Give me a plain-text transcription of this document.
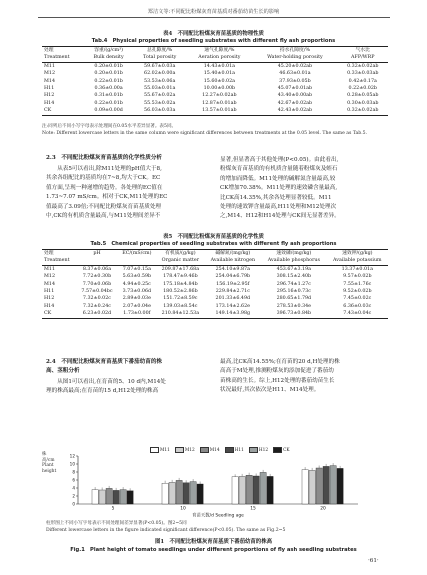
郑洁文等:不同配比粉煤灰育苗基质对番茄幼苗生长的影响
表4　不同配比粉煤灰育苗基质的物理性质
Tab.4　Physical properties of seedling substrates with different fly ash proportions
处理	容重/(g/cm³)	总孔隙度/%	通气孔隙度/%	持水孔隙度/%	气水比
Treatment	Bulk density	Total porosity	Aeration porosity	Water-holding porosity	AFP/WRP
M11	0.20±0.01b	59.67±0.03a	14.43±0.01a	45.20±0.02ab	0.32±0.02ab
M12	0.20±0.01b	62.02±0.00a	15.40±0.01a	46.63±0.01a	0.33±0.03ab
M14	0.22±0.01b	53.53±0.06a	15.60±0.02a	37.93±0.05b	0.42±0.17a
H11	0.36±0.00a	55.03±0.01a	10.00±0.00b	45.07±0.01ab	0.22±0.02b
H12	0.31±0.01b	55.67±0.02a	12.27±0.02ab	43.40±0.00ab	0.28±0.05ab
H14	0.22±0.01b	55.53±0.02a	12.87±0.01ab	42.67±0.02ab	0.30±0.03ab
CK	0.09±0.00d	56.03±0.03a	13.57±0.01ab	42.43±0.02ab	0.32±0.02ab
注:同列后不同小写字母表示处理间在0.05水平差异显著。表5同。
Note: Different lowercase letters in the same column were significant differences between treatments at the 0.05 level. The same as Tab.5.
2.3　不同配比粉煤灰育苗基质的化学性质分析
　　从表5可以看出,除M11处理的pH值大于8,
其余各组配比的基质均在7~8,均大于CK。EC
值方面,呈现一种递增的趋势。各处理的EC值在
1.73~7.07 mS/cm。相对于CK,M11处理的EC
值最高了3.09倍;不同配比粉煤灰育苗基质处理
中,CK的有机质含量最高,与M11处理间差异不
显著,但显著高于其他处理(P<0.05)。由此看出,
粉煤灰育苗基质的有机质含量随着粉煤灰及蛭石
的增加而降低。M11处理的碱解氮含量最高,较
CK增加70.38%。M11处理的速效磷含量最高,
比CK高14.35%,其余各处理显著较低。M11
处理的速效钾含量最高,H11处理和M12处理次
之,M14、H12和H14处理与CK间无显著差异。
表5　不同配比粉煤灰育苗基质的化学性质
Tab.5　Chemical properties of seedling substrates with different fly ash proportions
处理	pH	EC/(mS/cm)	有机质/(g/kg)	碱解氮/(mg/kg)	速效磷/(mg/kg)	速效钾/(g/kg)
Treatment			Organic matter	Available nitrogen	Available phosphorus	Available potassium
M11	8.37±0.06a	7.07±0.15a	209.87±17.68a	254.10±9.87a	453.67±3.19a	13.37±0.01a
M12	7.72±0.30b	5.63±0.59b	178.47±9.46b	254.04±6.79b	308.15±2.40b	9.57±0.02b
M14	7.70±0.06b	4.94±0.25c	175.18±4.84b	156.19±2.95f	296.74±1.27c	7.55±1.76c
H11	7.57±0.04bc	3.73±0.06d	180.52±2.86b	229.84±2.71c	295.16±0.73c	9.52±0.02b
H12	7.32±0.02c	2.89±0.03e	151.72±8.59c	201.33±6.49d	280.65±1.79d	7.45±0.02c
H14	7.32±0.24c	2.07±0.04e	139.03±8.54c	173.14±2.62e	278.53±0.34e	6.36±0.03c
CK	6.23±0.02d	1.73±0.00f	210.84±12.53a	149.14±3.98g	396.73±0.84b	7.43±0.04c
2.4　不同配比粉煤灰育苗基质下番茄幼苗的株
高、茎粗分析
　　从图1可以看出,在育苗的5、10 d内,M14处
理的株高最高;在育苗的15 d,H12处理的株高
最高,比CK高14.55%;在育苗的20 d,H处理的株
高高于M处理,推测粉煤灰的添加促进了番茄幼
苗株高的生长。综上,H12处理的番茄幼苗生长
状况最好,其次依次是H11、M14处理。
M11	M12	M14	H11	H12	CK
株高/cm Plant height
0
2
4
6
8
10
12
5	10	15	20
育苗天数/d Seedling age
柱形图上不同小写字母表示不同处理间差异显著(P<0.05)。图2~5同
Different lowercase letters in the figure indicated significant difference(P<0.05). The same as Fig.2~5
图1　不同配比粉煤灰育苗基质下番茄幼苗的株高
Fig.1　Plant height of tomato seedlings under different proportions of fly ash seedling substrates
·61·
